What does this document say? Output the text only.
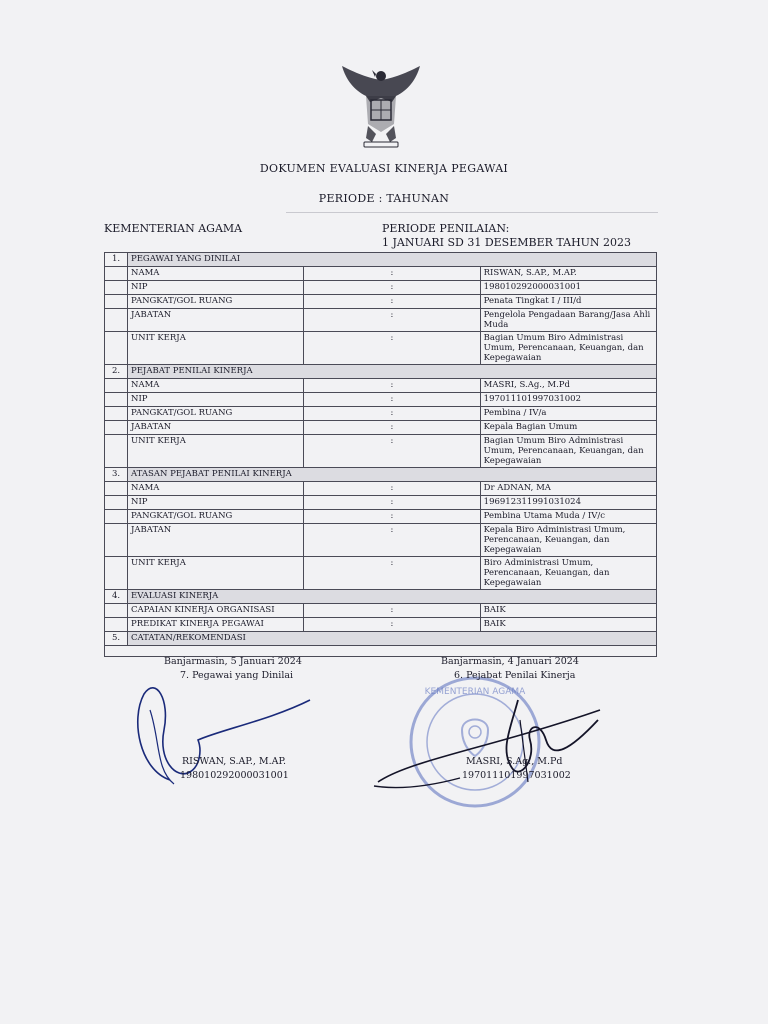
DOKUMEN EVALUASI KINERJA PEGAWAI
PERIODE : TAHUNAN
KEMENTERIAN AGAMA	PERIODE PENILAIAN:
1 JANUARI SD 31 DESEMBER TAHUN 2023
1.	PEGAWAI YANG DINILAI		
	NAMA	:	RISWAN, S.AP., M.AP.
	NIP	:	198010292000031001
	PANGKAT/GOL RUANG	:	Penata Tingkat I / III/d
	JABATAN	:	Pengelola Pengadaan Barang/Jasa Ahli Muda
	UNIT KERJA	:	Bagian Umum Biro Administrasi Umum, Perencanaan, Keuangan, dan Kepegawaian
2.	PEJABAT PENILAI KINERJA		
	NAMA	:	MASRI, S.Ag., M.Pd
	NIP	:	197011101997031002
	PANGKAT/GOL RUANG	:	Pembina / IV/a
	JABATAN	:	Kepala Bagian Umum
	UNIT KERJA	:	Bagian Umum Biro Administrasi Umum, Perencanaan, Keuangan, dan Kepegawaian
3.	ATASAN PEJABAT PENILAI KINERJA		
	NAMA	:	Dr ADNAN, MA
	NIP	:	196912311991031024
	PANGKAT/GOL RUANG	:	Pembina Utama Muda / IV/c
	JABATAN	:	Kepala Biro Administrasi Umum, Perencanaan, Keuangan, dan Kepegawaian
	UNIT KERJA	:	Biro Administrasi Umum, Perencanaan, Keuangan, dan Kepegawaian
4.	EVALUASI KINERJA		
	CAPAIAN KINERJA ORGANISASI	:	BAIK
	PREDIKAT KINERJA PEGAWAI	:	BAIK
5.	CATATAN/REKOMENDASI		

Banjarmasin, 5 Januari 2024
7. Pegawai yang Dinilai
RISWAN, S.AP., M.AP.
198010292000031001
KEMENTERIAN AGAMA
Banjarmasin, 4 Januari 2024
6. Pejabat Penilai Kinerja
MASRI, S.Ag., M.Pd
197011101997031002
